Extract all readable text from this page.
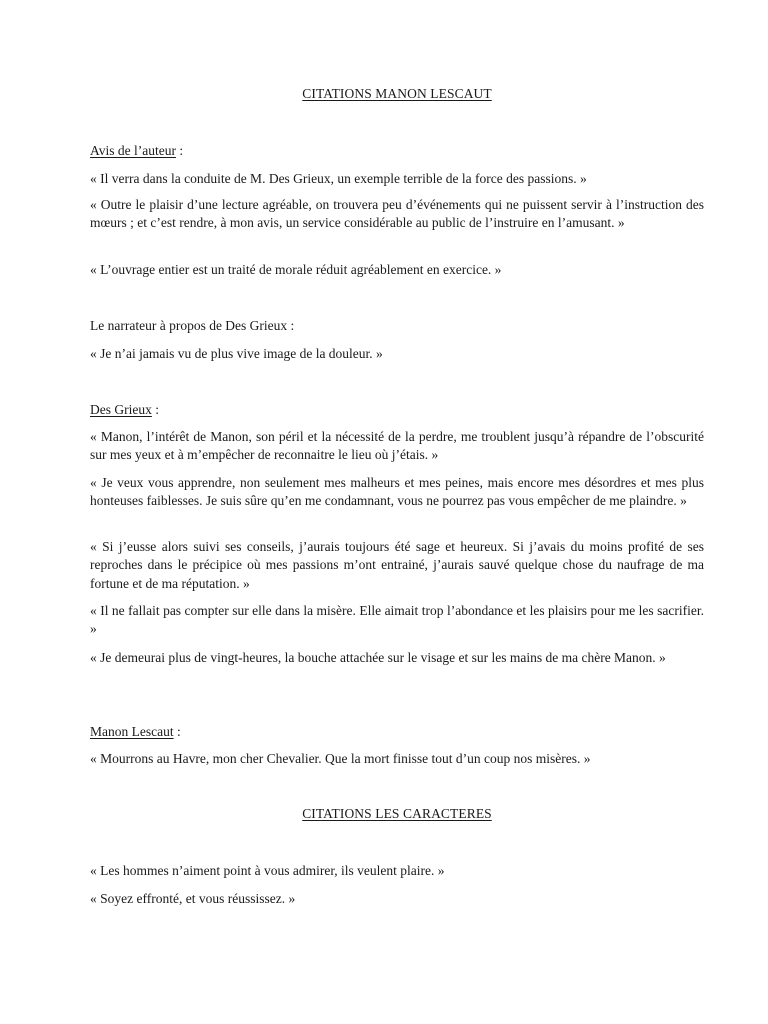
CITATIONS MANON LESCAUT
Avis de l’auteur :
« Il verra dans la conduite de M. Des Grieux, un exemple terrible de la force des passions. »
« Outre le plaisir d’une lecture agréable, on trouvera peu d’événements qui ne puissent servir à l’instruction des mœurs ; et c’est rendre, à mon avis, un service considérable au public de l’instruire en l’amusant. »
« L’ouvrage entier est un traité de morale réduit agréablement en exercice. »
Le narrateur à propos de Des Grieux :
« Je n’ai jamais vu de plus vive image de la douleur. »
Des Grieux :
« Manon, l’intérêt de Manon, son péril et la nécessité de la perdre, me troublent jusqu’à répandre de l’obscurité sur mes yeux et à m’empêcher de reconnaitre le lieu où j’étais. »
« Je veux vous apprendre, non seulement mes malheurs et mes peines, mais encore mes désordres et mes plus honteuses faiblesses. Je suis sûre qu’en me condamnant, vous ne pourrez pas vous empêcher de me plaindre. »
« Si j’eusse alors suivi ses conseils, j’aurais toujours été sage et heureux. Si j’avais du moins profité de ses reproches dans le précipice où mes passions m’ont entrainé, j’aurais sauvé quelque chose du naufrage de ma fortune et de ma réputation. »
« Il ne fallait pas compter sur elle dans la misère. Elle aimait trop l’abondance et les plaisirs pour me les sacrifier. »
« Je demeurai plus de vingt-heures, la bouche attachée sur le visage et sur les mains de ma chère Manon. »
Manon Lescaut :
« Mourrons au Havre, mon cher Chevalier. Que la mort finisse tout d’un coup nos misères. »
CITATIONS LES CARACTERES
« Les hommes n’aiment point à vous admirer, ils veulent plaire. »
« Soyez effronté, et vous réussissez. »
